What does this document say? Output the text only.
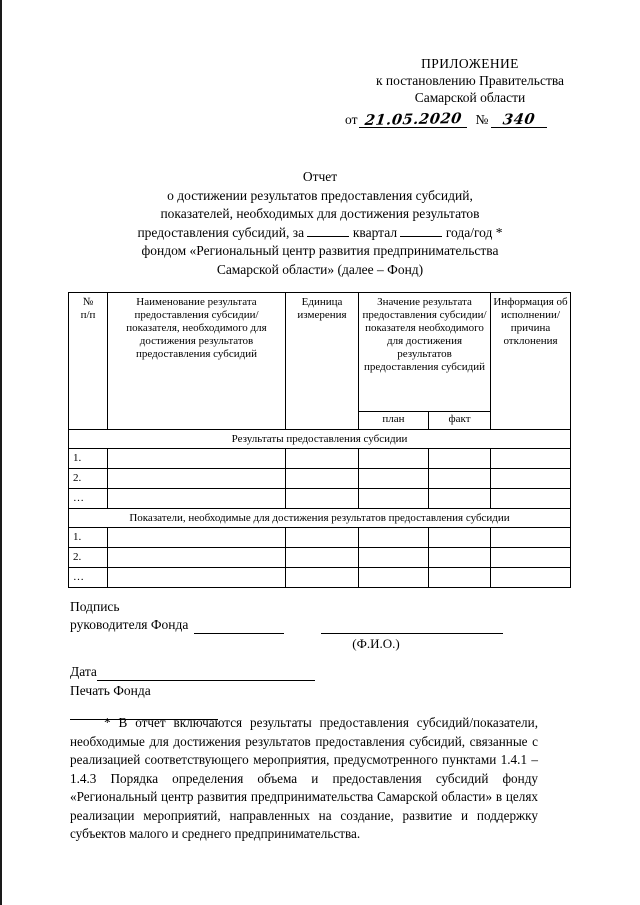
ПРИЛОЖЕНИЕ
к постановлению Правительства
Самарской области
от 21.05.2020 № 340
Отчет
о достижении результатов предоставления субсидий,
показателей, необходимых для достижения результатов
предоставления субсидий, за	квартал	года/год *
фондом «Региональный центр развития предпринимательства
Самарской области» (далее – Фонд)
№
п/п	Наименование результата предоставления субсидии/ показателя, необходимого для достижения результатов предоставления субсидий	Единица измерения	Значение результата предоставления субсидии/показателя необходимого для достижения результатов предоставления субсидий		Информация об исполнении/ причина отклонения
			план	факт	
Результаты предоставления субсидии					
1.					
2.					
…					
Показатели, необходимые для достижения результатов предоставления субсидии					
1.					
2.					
…					
Подпись
руководителя Фонда
(Ф.И.О.)
Дата
Печать Фонда
* В отчет включаются результаты предоставления субсидий/показатели, необходимые для достижения результатов предоставления субсидий, связанные с реализацией соответствующего мероприятия, предусмотренного пунктами 1.4.1 – 1.4.3 Порядка определения объема и предоставления субсидий фонду «Региональный центр развития предпринимательства Самарской области» в целях реализации мероприятий, направленных на создание, развитие и поддержку субъектов малого и среднего предпринимательства.
